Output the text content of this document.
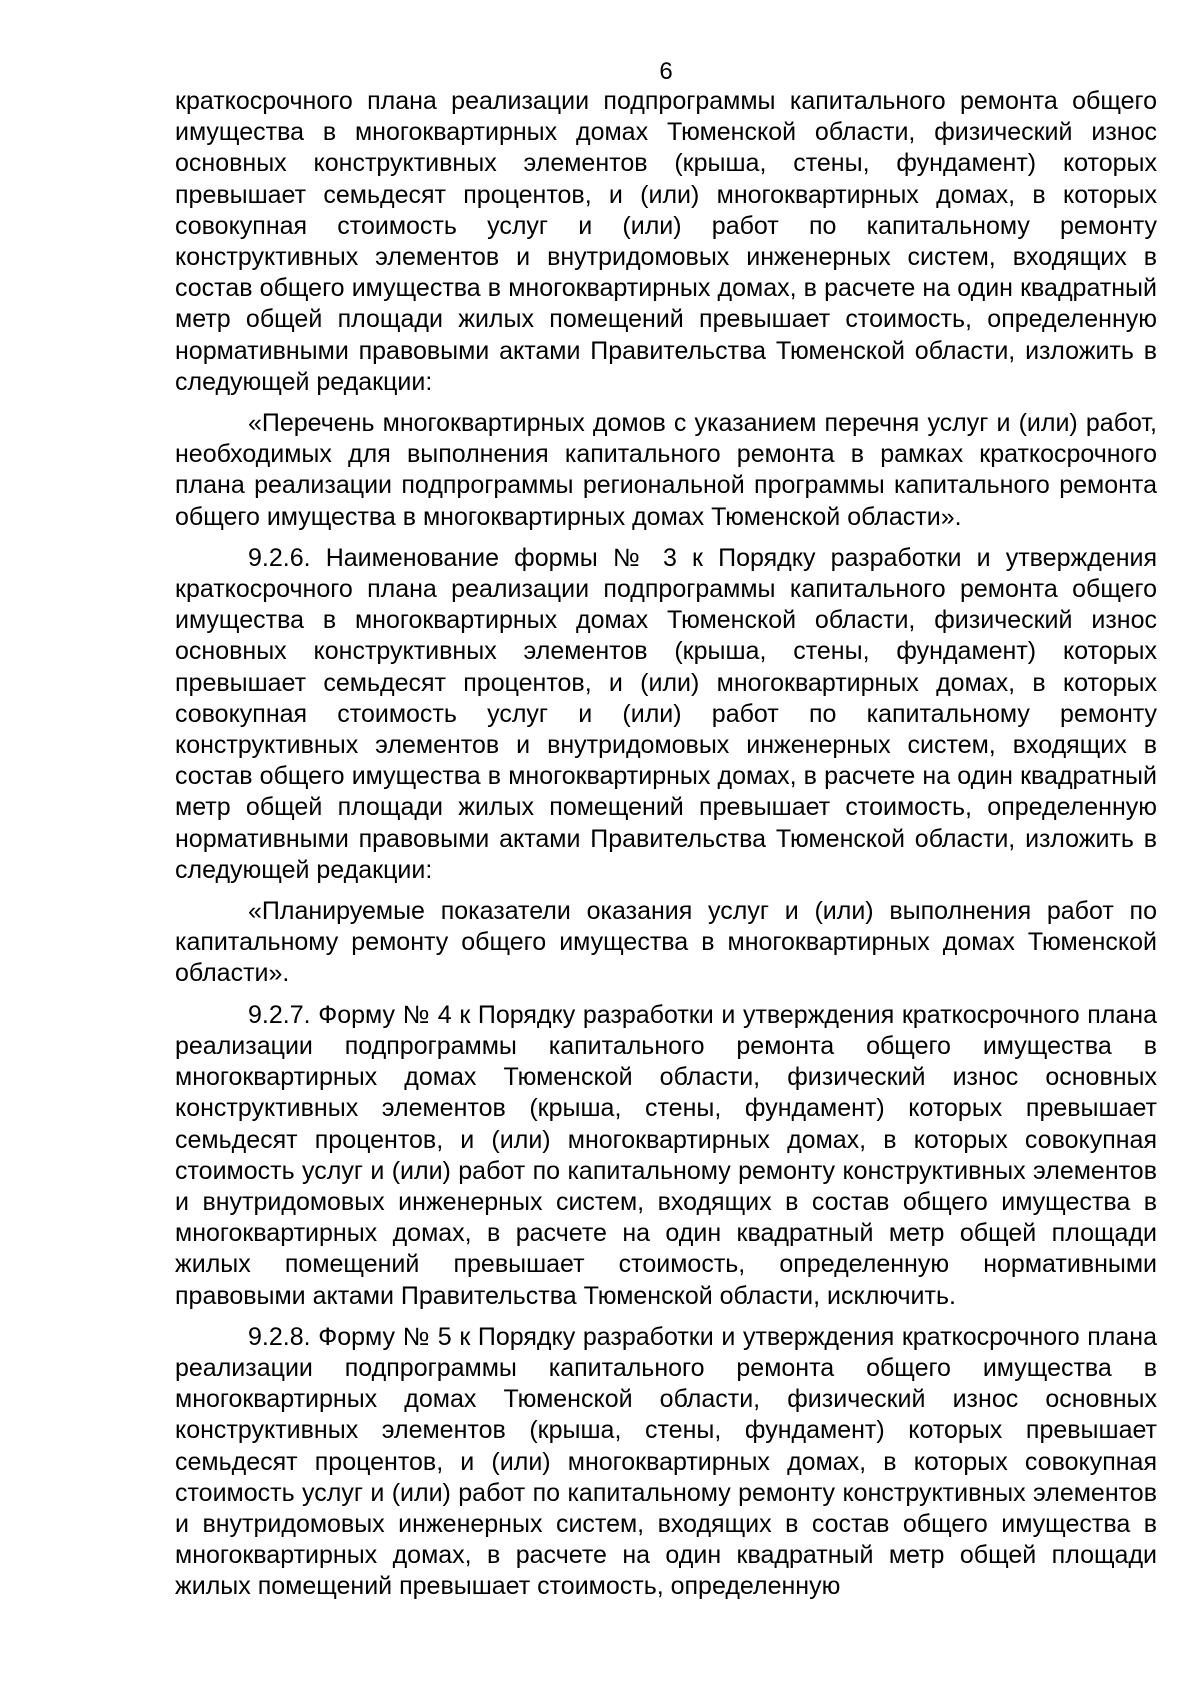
6

краткосрочного плана реализации подпрограммы капитального ремонта общего имущества в многоквартирных домах Тюменской области, физический износ основных конструктивных элементов (крыша, стены, фундамент) которых превышает семьдесят процентов, и (или) многоквартирных домах, в которых совокупная стоимость услуг и (или) работ по капитальному ремонту конструктивных элементов и внутридомовых инженерных систем, входящих в состав общего имущества в многоквартирных домах, в расчете на один квадратный метр общей площади жилых помещений превышает стоимость, определенную нормативными правовыми актами Правительства Тюменской области, изложить в следующей редакции:

«Перечень многоквартирных домов с указанием перечня услуг и (или) работ, необходимых для выполнения капитального ремонта в рамках краткосрочного плана реализации подпрограммы региональной программы капитального ремонта общего имущества в многоквартирных домах Тюменской области».

9.2.6. Наименование формы № 3 к Порядку разработки и утверждения краткосрочного плана реализации подпрограммы капитального ремонта общего имущества в многоквартирных домах Тюменской области, физический износ основных конструктивных элементов (крыша, стены, фундамент) которых превышает семьдесят процентов, и (или) многоквартирных домах, в которых совокупная стоимость услуг и (или) работ по капитальному ремонту конструктивных элементов и внутридомовых инженерных систем, входящих в состав общего имущества в многоквартирных домах, в расчете на один квадратный метр общей площади жилых помещений превышает стоимость, определенную нормативными правовыми актами Правительства Тюменской области, изложить в следующей редакции:

«Планируемые показатели оказания услуг и (или) выполнения работ по капитальному ремонту общего имущества в многоквартирных домах Тюменской области».

9.2.7. Форму № 4 к Порядку разработки и утверждения краткосрочного плана реализации подпрограммы капитального ремонта общего имущества в многоквартирных домах Тюменской области, физический износ основных конструктивных элементов (крыша, стены, фундамент) которых превышает семьдесят процентов, и (или) многоквартирных домах, в которых совокупная стоимость услуг и (или) работ по капитальному ремонту конструктивных элементов и внутридомовых инженерных систем, входящих в состав общего имущества в многоквартирных домах, в расчете на один квадратный метр общей площади жилых помещений превышает стоимость, определенную нормативными правовыми актами Правительства Тюменской области, исключить.

9.2.8. Форму № 5 к Порядку разработки и утверждения краткосрочного плана реализации подпрограммы капитального ремонта общего имущества в многоквартирных домах Тюменской области, физический износ основных конструктивных элементов (крыша, стены, фундамент) которых превышает семьдесят процентов, и (или) многоквартирных домах, в которых совокупная стоимость услуг и (или) работ по капитальному ремонту конструктивных элементов и внутридомовых инженерных систем, входящих в состав общего имущества в многоквартирных домах, в расчете на один квадратный метр общей площади жилых помещений превышает стоимость, определенную
